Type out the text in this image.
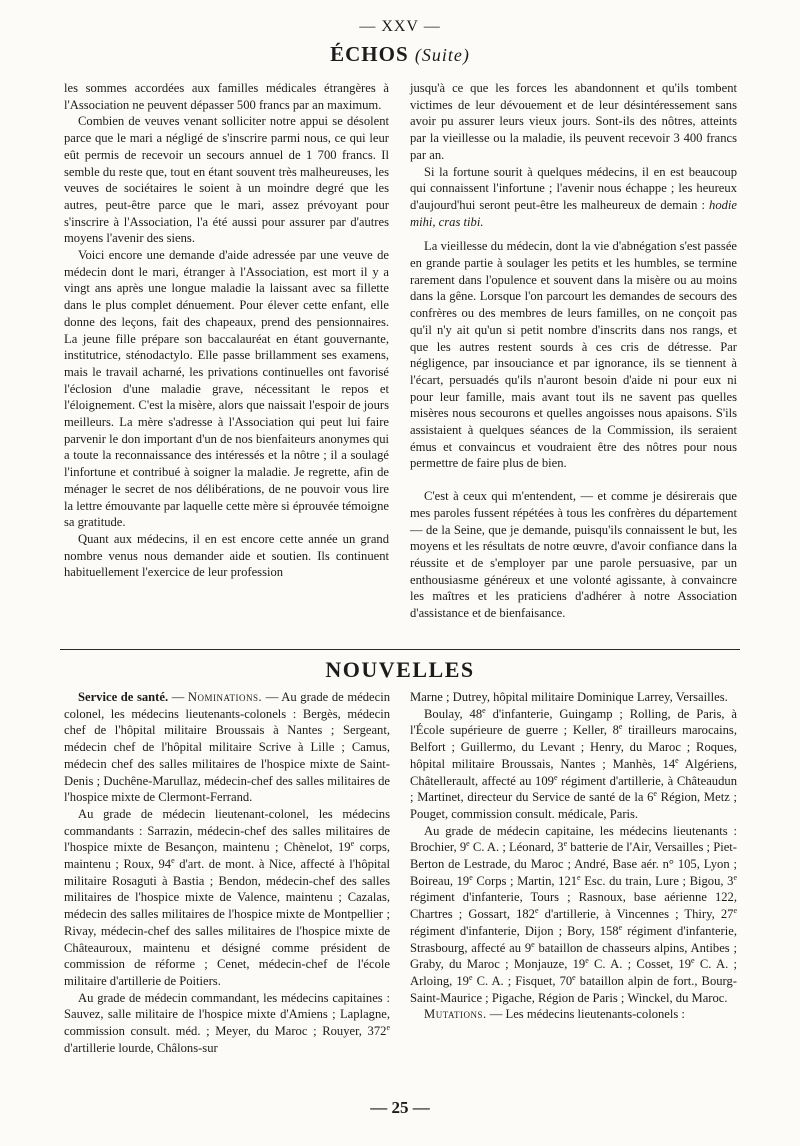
— XXV —
ÉCHOS (Suite)

les sommes accordées aux familles médicales étrangères à l'Association ne peuvent dépasser 500 francs par an maximum.

Combien de veuves venant solliciter notre appui se désolent parce que le mari a négligé de s'inscrire parmi nous, ce qui leur eût permis de recevoir un secours annuel de 1 700 francs. Il semble du reste que, tout en étant souvent très malheureuses, les veuves de sociétaires le soient à un moindre degré que les autres, peut-être parce que le mari, assez prévoyant pour s'inscrire à l'Association, l'a été aussi pour assurer par d'autres moyens l'avenir des siens.

Voici encore une demande d'aide adressée par une veuve de médecin dont le mari, étranger à l'Association, est mort il y a vingt ans après une longue maladie la laissant avec sa fillette dans le plus complet dénuement. Pour élever cette enfant, elle donne des leçons, fait des chapeaux, prend des pensionnaires. La jeune fille prépare son baccalauréat en étant gouvernante, institutrice, sténodactylo. Elle passe brillamment ses examens, mais le travail acharné, les privations continuelles ont favorisé l'éclosion d'une maladie grave, nécessitant le repos et l'éloignement. C'est la misère, alors que naissait l'espoir de jours meilleurs. La mère s'adresse à l'Association qui peut lui faire parvenir le don important d'un de nos bienfaiteurs anonymes qui a toute la reconnaissance des intéressés et la nôtre ; il a soulagé l'infortune et contribué à soigner la maladie. Je regrette, afin de ménager le secret de nos délibérations, de ne pouvoir vous lire la lettre émouvante par laquelle cette mère si éprouvée témoigne sa gratitude.

Quant aux médecins, il en est encore cette année un grand nombre venus nous demander aide et soutien. Ils continuent habituellement l'exercice de leur profession

jusqu'à ce que les forces les abandonnent et qu'ils tombent victimes de leur dévouement et de leur désintéressement sans avoir pu assurer leurs vieux jours. Sont-ils des nôtres, atteints par la vieillesse ou la maladie, ils peuvent recevoir 3 400 francs par an.

Si la fortune sourit à quelques médecins, il en est beaucoup qui connaissent l'infortune ; l'avenir nous échappe ; les heureux d'aujourd'hui seront peut-être les malheureux de demain : hodie mihi, cras tibi.

La vieillesse du médecin, dont la vie d'abnégation s'est passée en grande partie à soulager les petits et les humbles, se termine rarement dans l'opulence et souvent dans la misère ou au moins dans la gêne. Lorsque l'on parcourt les demandes de secours des confrères ou des membres de leurs familles, on ne conçoit pas qu'il n'y ait qu'un si petit nombre d'inscrits dans nos rangs, et que les autres restent sourds à ces cris de détresse. Par négligence, par insouciance et par ignorance, ils se tiennent à l'écart, persuadés qu'ils n'auront besoin d'aide ni pour eux ni pour leur famille, mais avant tout ils ne savent pas quelles misères nous secourons et quelles angoisses nous apaisons. S'ils assistaient à quelques séances de la Commission, ils seraient émus et convaincus et voudraient être des nôtres pour nous permettre de faire plus de bien.

C'est à ceux qui m'entendent, — et comme je désirerais que mes paroles fussent répétées à tous les confrères du département — de la Seine, que je demande, puisqu'ils connaissent le but, les moyens et les résultats de notre œuvre, d'avoir confiance dans la réussite et de s'employer par une parole persuasive, par un enthousiasme généreux et une volonté agissante, à convaincre les maîtres et les praticiens d'adhérer à notre Association d'assistance et de bienfaisance.

NOUVELLES

Service de santé. — Nominations. — Au grade de médecin colonel, les médecins lieutenants-colonels : Bergès, médecin chef de l'hôpital militaire Broussais à Nantes ; Sergeant, médecin chef de l'hôpital militaire Scrive à Lille ; Camus, médecin chef des salles militaires de l'hospice mixte de Saint-Denis ; Duchêne-Marullaz, médecin-chef des salles militaires de l'hospice mixte de Clermont-Ferrand.

Au grade de médecin lieutenant-colonel, les médecins commandants : Sarrazin, médecin-chef des salles militaires de l'hospice mixte de Besançon, maintenu ; Chènelot, 19e corps, maintenu ; Roux, 94e d'art. de mont. à Nice, affecté à l'hôpital militaire Rosaguti à Bastia ; Bendon, médecin-chef des salles militaires de l'hospice mixte de Valence, maintenu ; Cazalas, médecin des salles militaires de l'hospice mixte de Montpellier ; Rivay, médecin-chef des salles militaires de l'hospice mixte de Châteauroux, maintenu et désigné comme président de commission de réforme ; Cenet, médecin-chef de l'école militaire d'artillerie de Poitiers.

Au grade de médecin commandant, les médecins capitaines : Sauvez, salle militaire de l'hospice mixte d'Amiens ; Laplagne, commission consult. méd. ; Meyer, du Maroc ; Rouyer, 372e d'artillerie lourde, Châlons-sur

Marne ; Dutrey, hôpital militaire Dominique Larrey, Versailles.

Boulay, 48e d'infanterie, Guingamp ; Rolling, de Paris, à l'École supérieure de guerre ; Keller, 8e tirailleurs marocains, Belfort ; Guillermo, du Levant ; Henry, du Maroc ; Roques, hôpital militaire Broussais, Nantes ; Manhès, 14e Algériens, Châtellerault, affecté au 109e régiment d'artillerie, à Châteaudun ; Martinet, directeur du Service de santé de la 6e Région, Metz ; Pouget, commission consult. médicale, Paris.

Au grade de médecin capitaine, les médecins lieutenants : Brochier, 9e C. A. ; Léonard, 3e batterie de l'Air, Versailles ; Piet-Berton de Lestrade, du Maroc ; André, Base aér. n° 105, Lyon ; Boireau, 19e Corps ; Martin, 121e Esc. du train, Lure ; Bigou, 3e régiment d'infanterie, Tours ; Rasnoux, base aérienne 122, Chartres ; Gossart, 182e d'artillerie, à Vincennes ; Thiry, 27e régiment d'infanterie, Dijon ; Bory, 158e régiment d'infanterie, Strasbourg, affecté au 9e bataillon de chasseurs alpins, Antibes ; Graby, du Maroc ; Monjauze, 19e C. A. ; Cosset, 19e C. A. ; Arloing, 19e C. A. ; Fisquet, 70e bataillon alpin de fort., Bourg-Saint-Maurice ; Pigache, Région de Paris ; Winckel, du Maroc.

Mutations. — Les médecins lieutenants-colonels :

— 25 —
